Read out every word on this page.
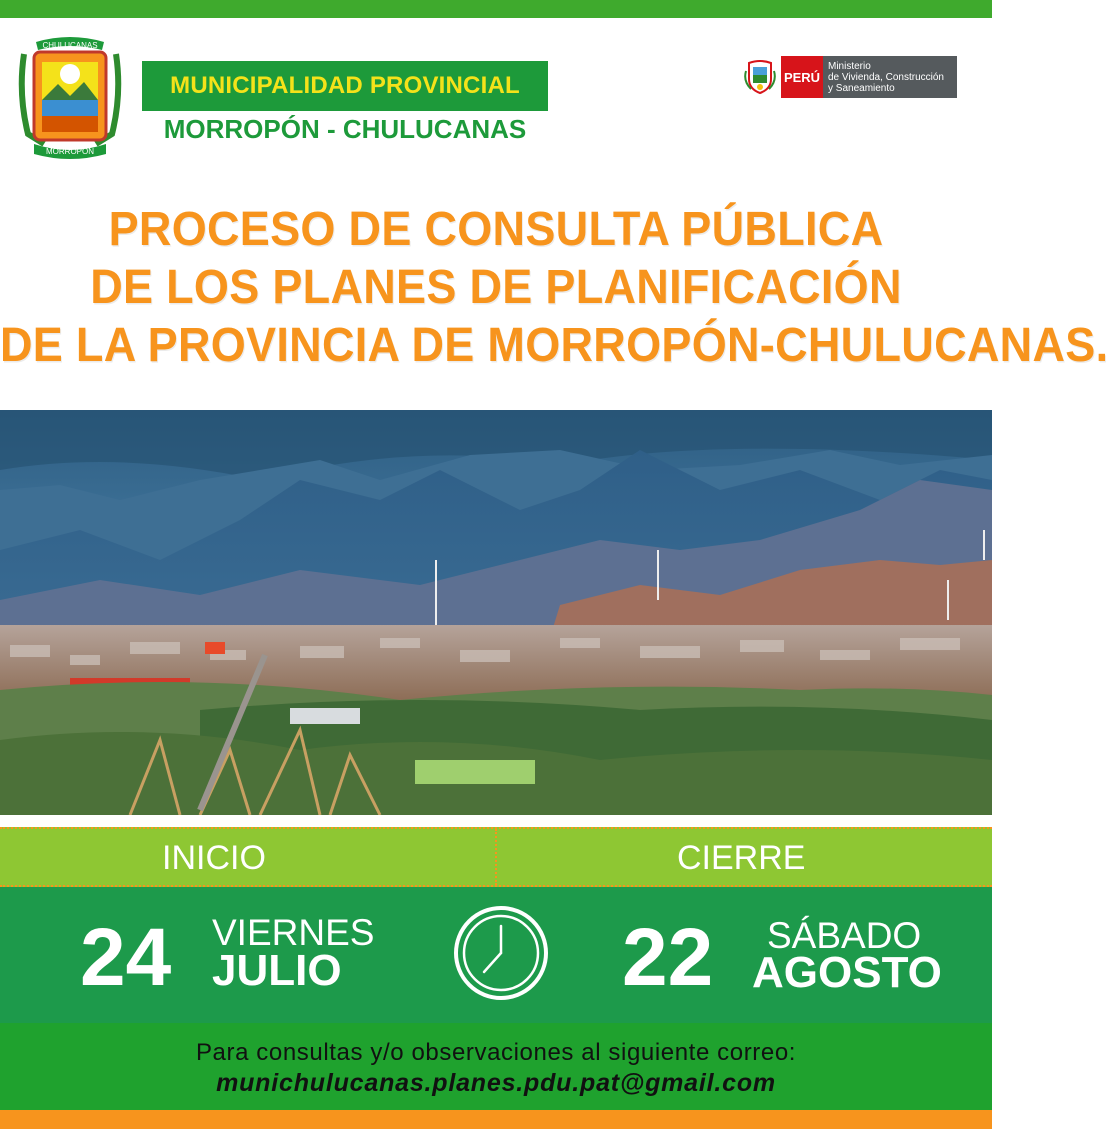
CHULUCANAS
MORROPÓN
MUNICIPALIDAD PROVINCIAL
MORROPÓN - CHULUCANAS
PERÚ
Ministerio
de Vivienda, Construcción
y Saneamiento
PROCESO DE CONSULTA PÚBLICA
DE LOS PLANES DE PLANIFICACIÓN
DE LA PROVINCIA DE MORROPÓN-CHULUCANAS.
INICIO	CIERRE
24 VIERNES
JULIO	22 SÁBADO
AGOSTO
Para consultas y/o observaciones al siguiente correo:
munichulucanas.planes.pdu.pat@gmail.com
